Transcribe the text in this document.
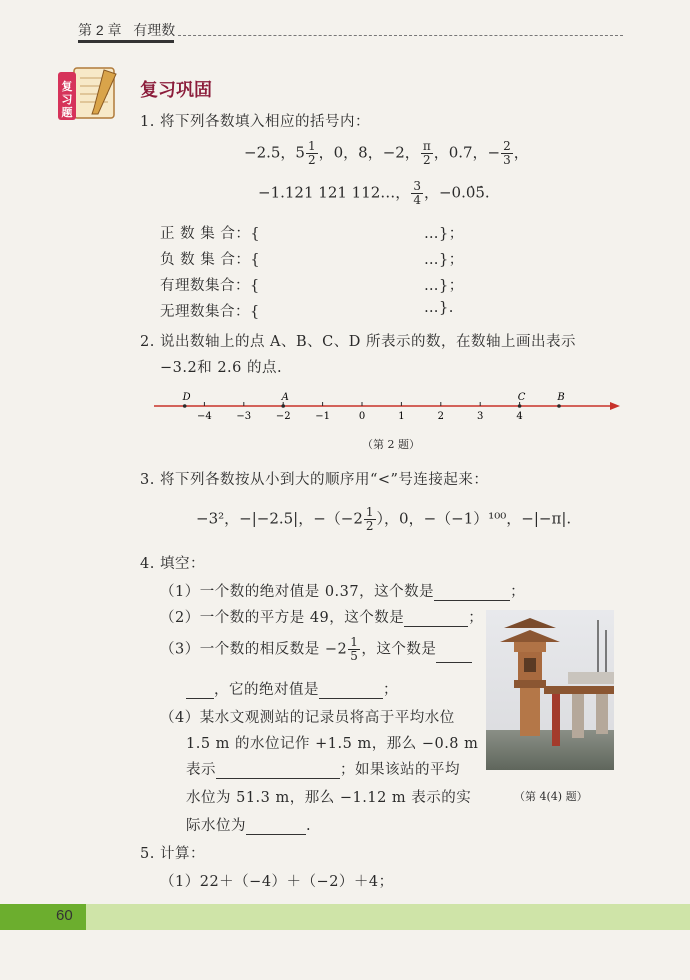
第 2 章 有理数
复
习
题
复习巩固
1. 将下列各数填入相应的括号内：
−2.5，$5 \frac{1}{2}$ ，0，8，−2， $\frac{\pi}{2}$ ，0.7，− $\frac{2}{3}$ ，
−1.121 121 112…， $\frac{3}{4}$ ，−0.0̇5̇.
正 数 集 合：{	…}；
负 数 集 合：{	…}；
有理数集合：{	…}；
无理数集合：{	…}.
2. 说出数轴上的点 A、B、C、D 所表示的数，在数轴上画出表示
−3.2和 2.6 的点.
−4 −3 −2 −1	0	1	2	3	4
D	A	C	B
（第 2 题）
3. 将下列各数按从小到大的顺序用“<”号连接起来：
−3²，−|−2.5|，$-(-2 \frac{1}{2}$ ），0，−（−1）¹⁰⁰，−|−π|.
4. 填空：
（1）一个数的绝对值是 0.37，这个数是	；
（2）一个数的平方是 49，这个数是	；
（3）一个数的相反数是 $-2 \frac{1}{5}$ ，这个数是
，它的绝对值是	；
（4）某水文观测站的记录员将高于平均水位
1.5 m 的水位记作 +1.5 m，那么 −0.8 m
表示	；如果该站的平均
水位为 51.3 m，那么 −1.12 m 表示的实
际水位为	.
（第 4(4) 题）
5. 计算：
（1）22＋（−4）＋（−2）＋4；
60
